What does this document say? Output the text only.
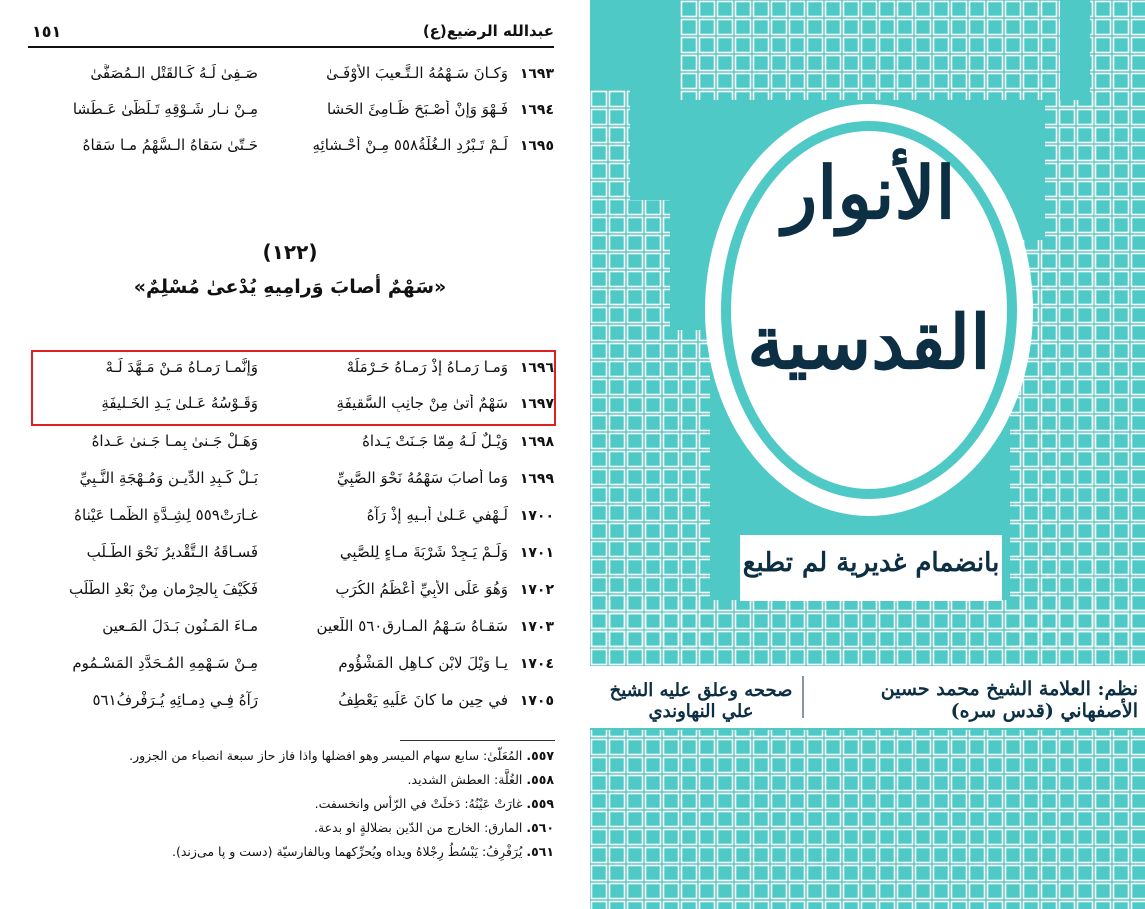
عبدالله الرضيع(ع)
١٥١
١٦٩٣
وَكـانَ سَـهْمُهُ الـتَّـعيبَ الأَوْفَـىٰ
صَـفِیٰ لَـهُ كَـالقَتْلِ الـمُصَفَّىٰ
١٦٩٤
فَـهْوَ وَإنْ أَصْـبَحَ ظَـامِئَ الحَشا
مِـنْ نـارِ شَـوْقِهِ تَـلَظَّىٰ عَـطَشا
١٦٩٥
لَـمْ تَـبْرُدِ الـغُلَّةُ٥٥٨ مِـنْ أحْـشائِهِ
حَـتّىٰ سَقاهُ الـسَّهْمُ مـا سَقاهُ
(١٢٢)
«سَهْمٌ أصابَ وَرامِيهِ يُدْعىٰ مُسْلِمٌ»
١٦٩٦
وَمـا رَمـاهُ إِذْ رَمـاهُ حَـرْمَلَهْ
وَإِنَّمـا رَمـاهُ مَـنْ مَـهَّدَ لَـهْ
١٦٩٧
سَهْمٌ أَتىٰ مِنْ جانِبِ السَّقيفَةِ
وَقَـوْسُهُ عَـلىٰ يَـدِ الخَـليفَةِ
١٦٩٨
وَيْـلٌ لَـهُ مِمّا جَـنَتْ يَـداهُ
وَهَـلْ جَـنىٰ بِمـا جَـنىٰ عَـداهُ
١٦٩٩
وَما أَصابَ سَهْمُهُ نَحْوَ الصَّبِيِّ
بَـلْ كَـبِدِ الدِّيـنِ وَمُـهْجَةِ النَّـبِيِّ
١٧٠٠
لَـهْفي عَـلىٰ أَبـيهِ إِذْ رَآهُ
غـارَتْ٥٥٩ لِشِـدَّةِ الظَّمـا عَيْناهُ
١٧٠١
وَلَـمْ يَـجِدْ شَرْبَةَ مـاءٍ لِلصَّبِي
فَسـاقَهُ الـتَّقْديرُ نَحْوَ الطَّـلَبِ
١٧٠٢
وَهُوَ عَلَى الأَبِيِّ أَعْظَمُ الكُرَبِ
فَكَيْفَ بِالحِرْمانِ مِنْ بَعْدِ الطَّلَبِ
١٧٠٣
سَقـاهُ سَـهْمُ المـارِقِ٥٦٠ اللَّعينِ
مـاءَ المَـنُونِ بَـدَلَ المَـعينِ
١٧٠٤
يـا وَيْلَ لابْنِ كـاهِلٍ المَشْؤُومِ
مِـنْ سَـهْمِهِ المُـحَدَّدِ المَسْـمُومِ
١٧٠٥
في حِينِ ما كانَ عَلَيهِ يَعْطِفُ
رَآهُ فِـي دِمـائِهِ يُـرَفْرِفُ٥٦١
٥٥٧. المُعَلّىٰ: سابع سهام الميسر وهو افضلها واذا فاز حاز سبعة انصباء من الجزور.
٥٥٨. الغُلَّة: العطش الشديد.
٥٥٩. غارَتْ عَيْنُهُ: دَخلَتْ في الرّأس وانخسفت.
٥٦٠. المارق: الخارج من الدّين بضلالةٍ او بدعة.
٥٦١. يُرَفْرِفُ: يَبْسُطُ رِجْلاهُ ويداه ويُحرِّكهما وبالفارسيّة (دست و پا مى‌زند).
الأنوار
القدسية
بانضمام غديرية لم تطبع
نظم: العلامة الشيخ محمد حسين الأصفهاني (قدس سره)
صححه وعلق عليه الشيخ علي النهاوندي
